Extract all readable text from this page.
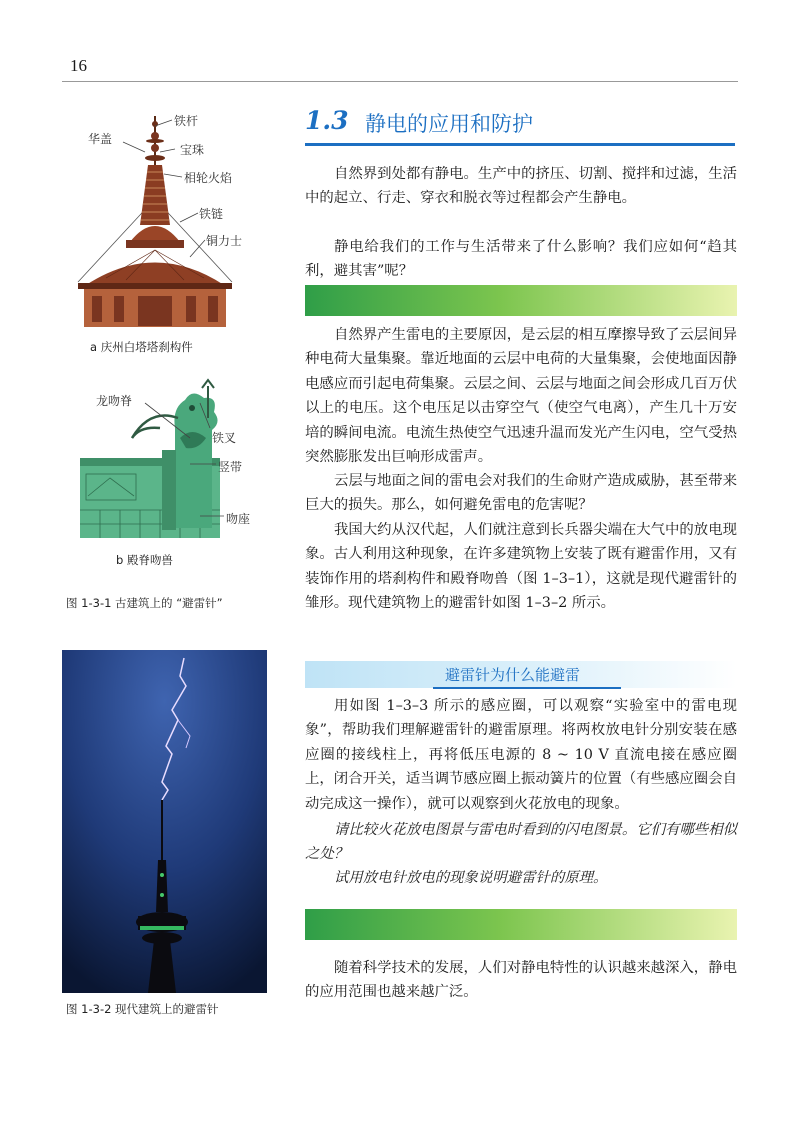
16
铁杆
华盖
宝珠
相轮火焰
铁链
铜力士
a 庆州白塔塔刹构件
龙吻脊
铁叉
竖带
吻座
b 殿脊吻兽
图 1-3-1 古建筑上的 “避雷针”
图 1-3-2 现代建筑上的避雷针
1.3 静电的应用和防护

自然界到处都有静电。生产中的挤压、切割、搅拌和过滤，生活中的起立、行走、穿衣和脱衣等过程都会产生静电。

静电给我们的工作与生活带来了什么影响？我们应如何“趋其利，避其害”呢？

自然界产生雷电的主要原因，是云层的相互摩擦导致了云层间异种电荷大量集聚。靠近地面的云层中电荷的大量集聚，会使地面因静电感应而引起电荷集聚。云层之间、云层与地面之间会形成几百万伏以上的电压。这个电压足以击穿空气（使空气电离），产生几十万安培的瞬间电流。电流生热使空气迅速升温而发光产生闪电，空气受热突然膨胀发出巨响形成雷声。

云层与地面之间的雷电会对我们的生命财产造成威胁，甚至带来巨大的损失。那么，如何避免雷电的危害呢？

我国大约从汉代起，人们就注意到长兵器尖端在大气中的放电现象。古人利用这种现象，在许多建筑物上安装了既有避雷作用，又有装饰作用的塔刹构件和殿脊吻兽（图 1–3–1），这就是现代避雷针的雏形。现代建筑物上的避雷针如图 1–3–2 所示。

避雷针为什么能避雷

用如图 1–3–3 所示的感应圈，可以观察“实验室中的雷电现象”，帮助我们理解避雷针的避雷原理。将两枚放电针分别安装在感应圈的接线柱上，再将低压电源的 8 ~ 10 V 直流电接在感应圈上，闭合开关，适当调节感应圈上振动簧片的位置（有些感应圈会自动完成这一操作），就可以观察到火花放电的现象。

请比较火花放电图景与雷电时看到的闪电图景。它们有哪些相似之处？

试用放电针放电的现象说明避雷针的原理。

随着科学技术的发展，人们对静电特性的认识越来越深入，静电的应用范围也越来越广泛。
